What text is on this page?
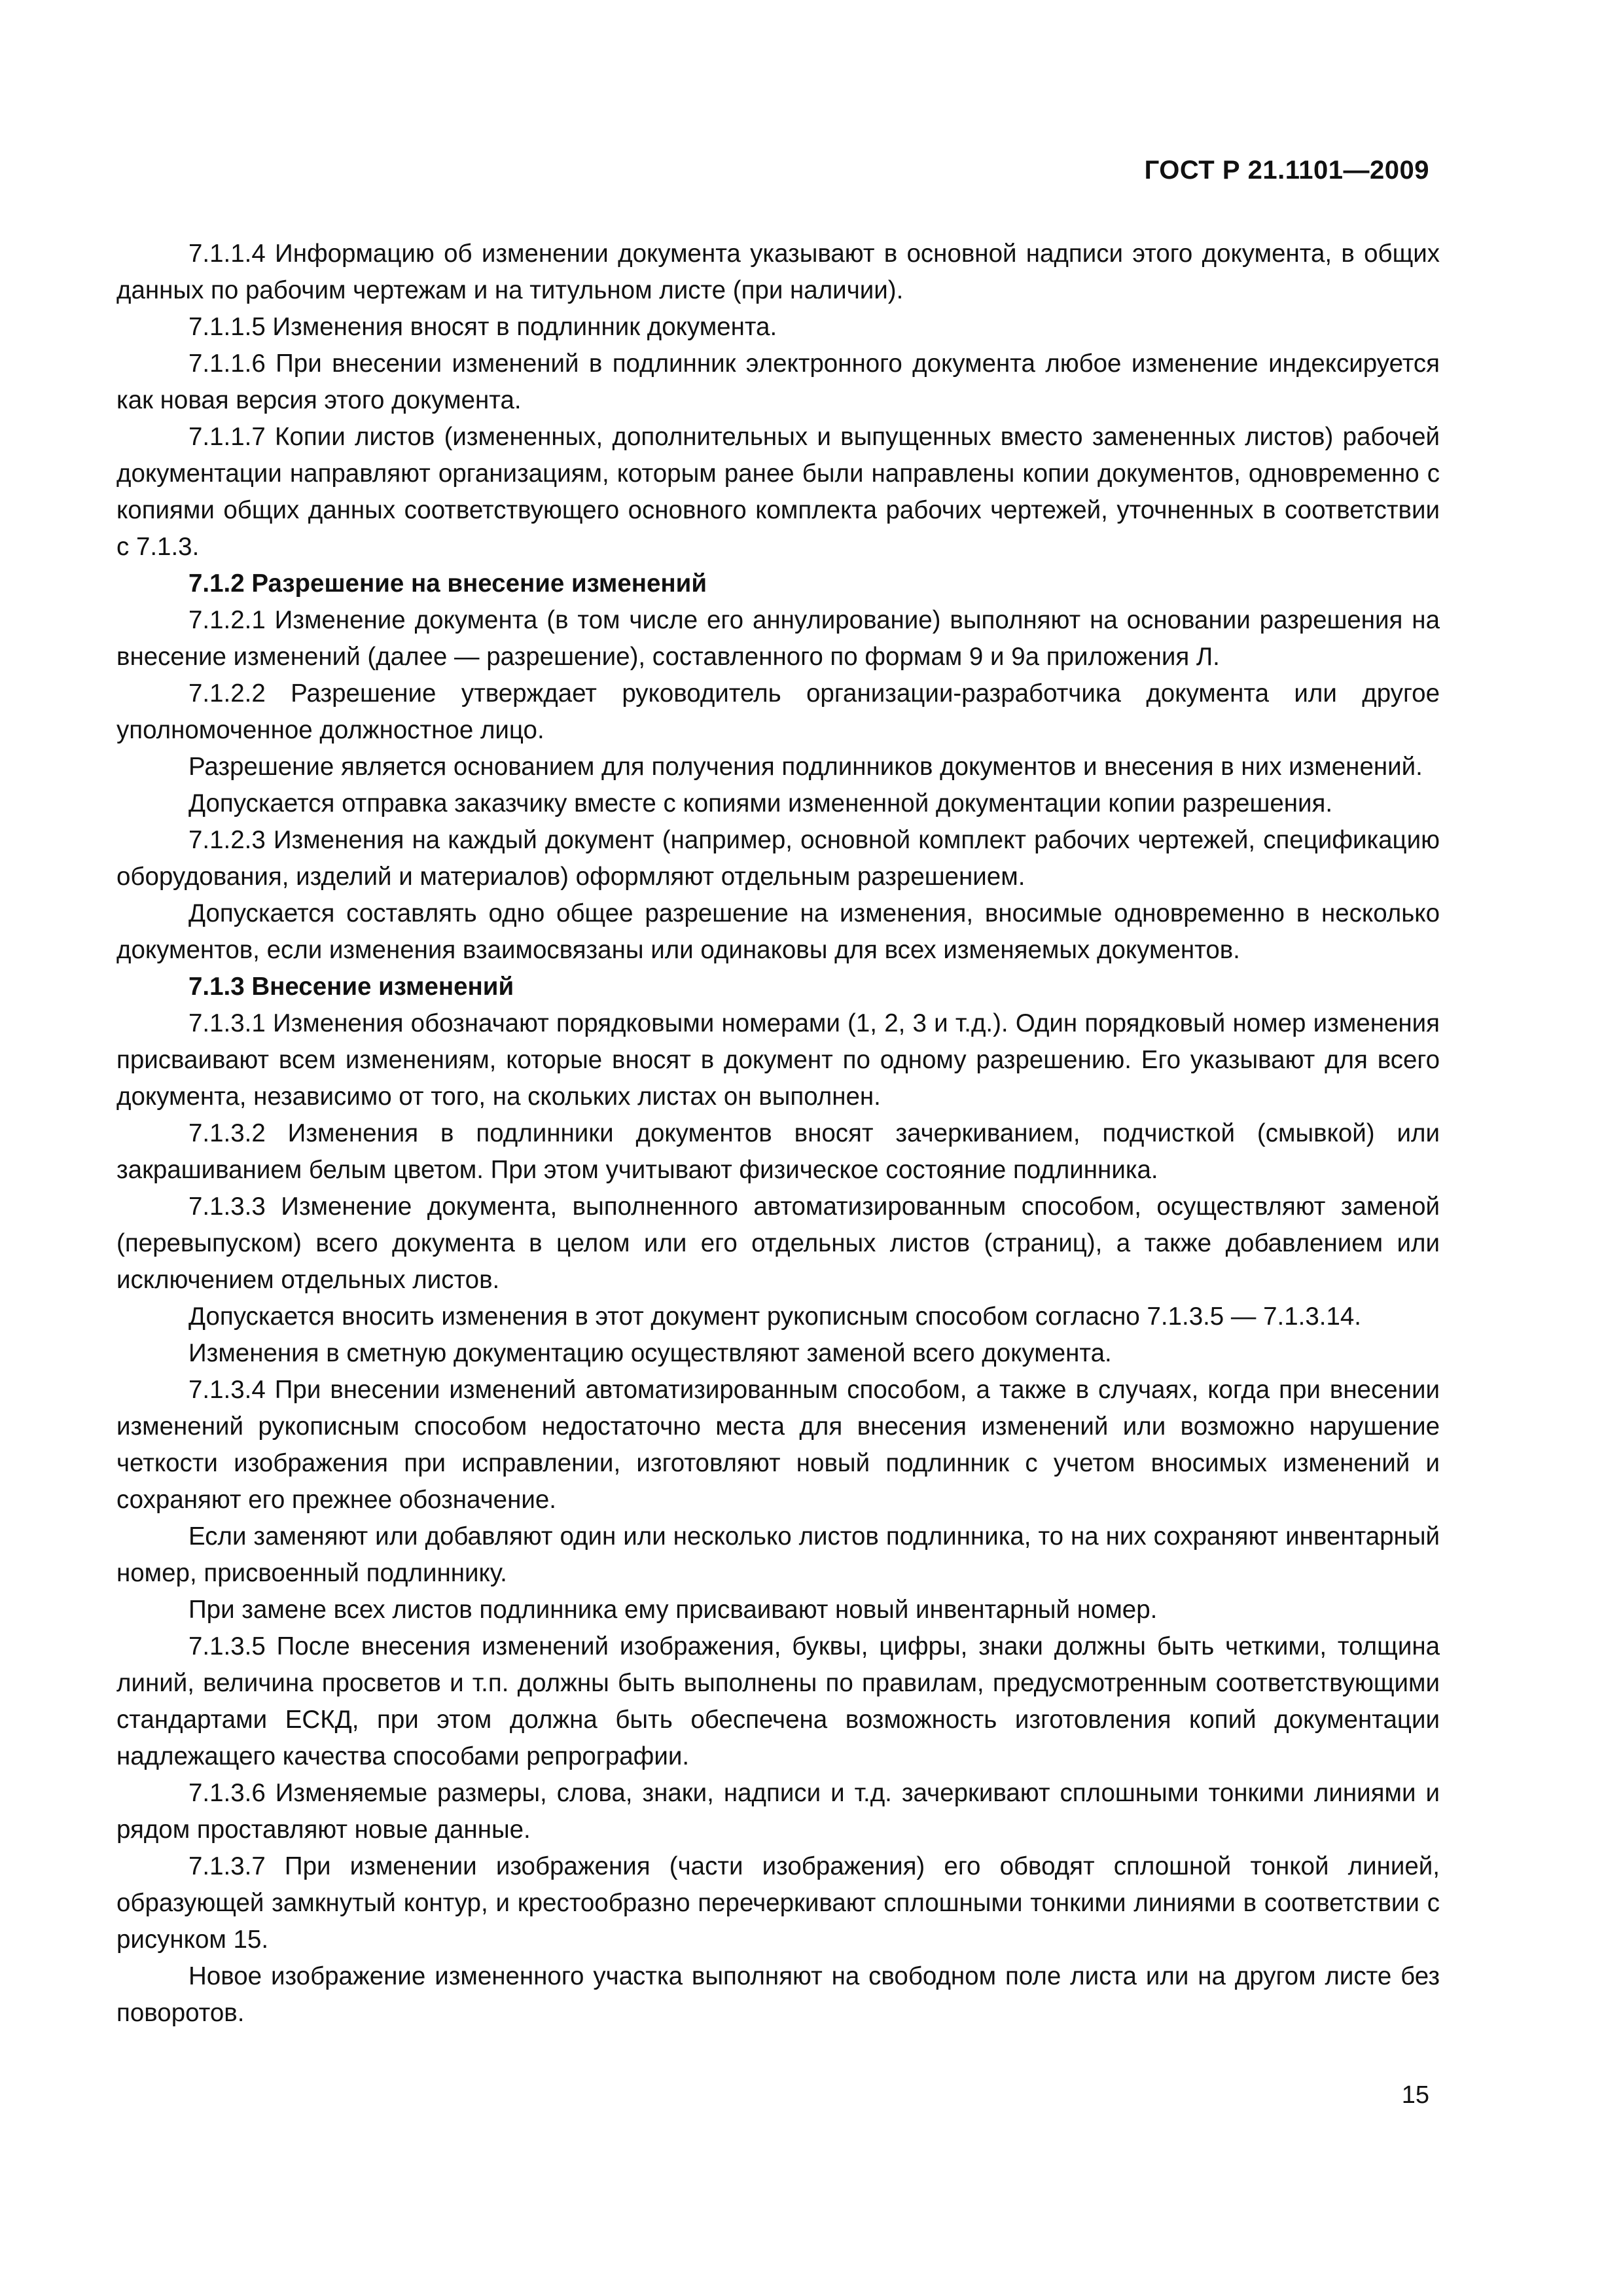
ГОСТ Р 21.1101—2009

7.1.1.4 Информацию об изменении документа указывают в основной надписи этого документа, в общих данных по рабочим чертежам и на титульном листе (при наличии).

7.1.1.5 Изменения вносят в подлинник документа.

7.1.1.6 При внесении изменений в подлинник электронного документа любое изменение индексируется как новая версия этого документа.

7.1.1.7 Копии листов (измененных, дополнительных и выпущенных вместо замененных листов) рабочей документации направляют организациям, которым ранее были направлены копии документов, одновременно с копиями общих данных соответствующего основного комплекта рабочих чертежей, уточненных в соответствии с 7.1.3.

7.1.2 Разрешение на внесение изменений

7.1.2.1 Изменение документа (в том числе его аннулирование) выполняют на основании разрешения на внесение изменений (далее — разрешение), составленного по формам 9 и 9а приложения Л.

7.1.2.2 Разрешение утверждает руководитель организации-разработчика документа или другое уполномоченное должностное лицо.

Разрешение является основанием для получения подлинников документов и внесения в них изменений.

Допускается отправка заказчику вместе с копиями измененной документации копии разрешения.

7.1.2.3 Изменения на каждый документ (например, основной комплект рабочих чертежей, спецификацию оборудования, изделий и материалов) оформляют отдельным разрешением.

Допускается составлять одно общее разрешение на изменения, вносимые одновременно в несколько документов, если изменения взаимосвязаны или одинаковы для всех изменяемых документов.

7.1.3 Внесение изменений

7.1.3.1 Изменения обозначают порядковыми номерами (1, 2, 3 и т.д.). Один порядковый номер изменения присваивают всем изменениям, которые вносят в документ по одному разрешению. Его указывают для всего документа, независимо от того, на скольких листах он выполнен.

7.1.3.2 Изменения в подлинники документов вносят зачеркиванием, подчисткой (смывкой) или закрашиванием белым цветом. При этом учитывают физическое состояние подлинника.

7.1.3.3 Изменение документа, выполненного автоматизированным способом, осуществляют заменой (перевыпуском) всего документа в целом или его отдельных листов (страниц), а также добавлением или исключением отдельных листов.

Допускается вносить изменения в этот документ рукописным способом согласно 7.1.3.5 — 7.1.3.14.

Изменения в сметную документацию осуществляют заменой всего документа.

7.1.3.4 При внесении изменений автоматизированным способом, а также в случаях, когда при внесении изменений рукописным способом недостаточно места для внесения изменений или возможно нарушение четкости изображения при исправлении, изготовляют новый подлинник с учетом вносимых изменений и сохраняют его прежнее обозначение.

Если заменяют или добавляют один или несколько листов подлинника, то на них сохраняют инвентарный номер, присвоенный подлиннику.

При замене всех листов подлинника ему присваивают новый инвентарный номер.

7.1.3.5 После внесения изменений изображения, буквы, цифры, знаки должны быть четкими, толщина линий, величина просветов и т.п. должны быть выполнены по правилам, предусмотренным соответствующими стандартами ЕСКД, при этом должна быть обеспечена возможность изготовления копий документации надлежащего качества способами репрографии.

7.1.3.6 Изменяемые размеры, слова, знаки, надписи и т.д. зачеркивают сплошными тонкими линиями и рядом проставляют новые данные.

7.1.3.7 При изменении изображения (части изображения) его обводят сплошной тонкой линией, образующей замкнутый контур, и крестообразно перечеркивают сплошными тонкими линиями в соответствии с рисунком 15.

Новое изображение измененного участка выполняют на свободном поле листа или на другом листе без поворотов.

15
